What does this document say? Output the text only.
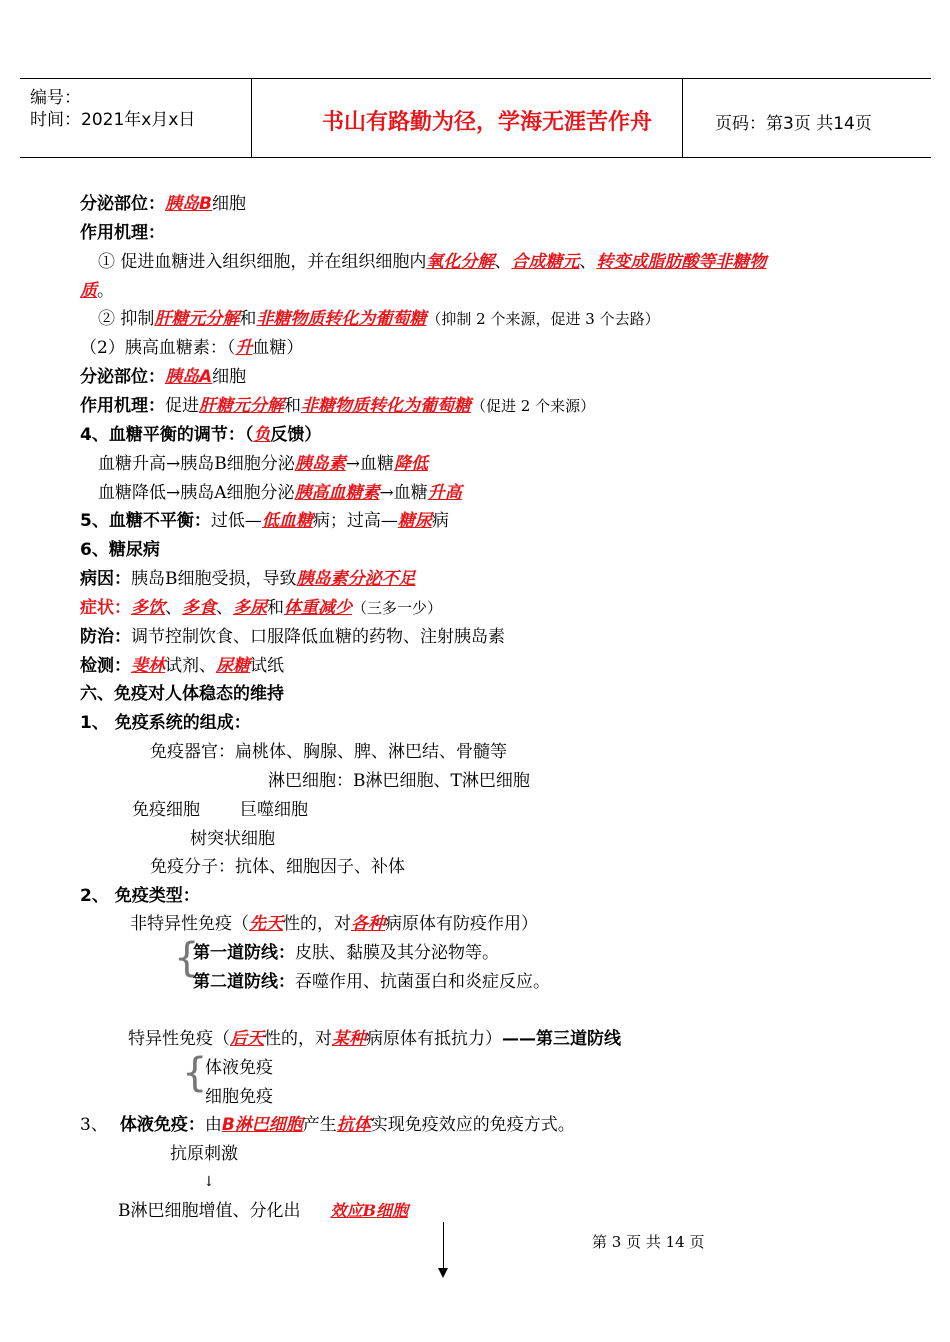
编号：
时间：2021年x月x日	书山有路勤为径，学海无涯苦作舟	页码：第3页 共14页
分泌部位：胰岛B细胞
作用机理：
① 促进血糖进入组织细胞，并在组织细胞内氧化分解、合成糖元、转变成脂肪酸等非糖物
质。
② 抑制肝糖元分解和非糖物质转化为葡萄糖（抑制 2 个来源，促进 3 个去路）
（2）胰高血糖素：（升血糖）
分泌部位：胰岛A细胞
作用机理：促进肝糖元分解和非糖物质转化为葡萄糖（促进 2 个来源）
4、血糖平衡的调节：（负反馈）
血糖升高→胰岛B细胞分泌胰岛素→血糖降低
血糖降低→胰岛A细胞分泌胰高血糖素→血糖升高
5、血糖不平衡：过低—低血糖病；过高—糖尿病
6、糖尿病
病因：胰岛B细胞受损，导致胰岛素分泌不足
症状：多饮、多食、多尿和体重减少（三多一少）
防治：调节控制饮食、口服降低血糖的药物、注射胰岛素
检测：斐林试剂、尿糖试纸
六、免疫对人体稳态的维持
1、 免疫系统的组成：
免疫器官：扁桃体、胸腺、脾、淋巴结、骨髓等
淋巴细胞：B淋巴细胞、T淋巴细胞
免疫细胞 巨噬细胞
树突状细胞
免疫分子：抗体、细胞因子、补体
2、 免疫类型：
非特异性免疫（先天性的，对各种病原体有防疫作用）
{
第一道防线：皮肤、黏膜及其分泌物等。
第二道防线：吞噬作用、抗菌蛋白和炎症反应。
特异性免疫（后天性的，对某种病原体有抵抗力）——第三道防线
{
体液免疫
细胞免疫
3、 体液免疫：由B淋巴细胞产生抗体实现免疫效应的免疫方式。
抗原刺激
↓
B淋巴细胞增值、分化出 效应B细胞
第 3 页 共 14 页
